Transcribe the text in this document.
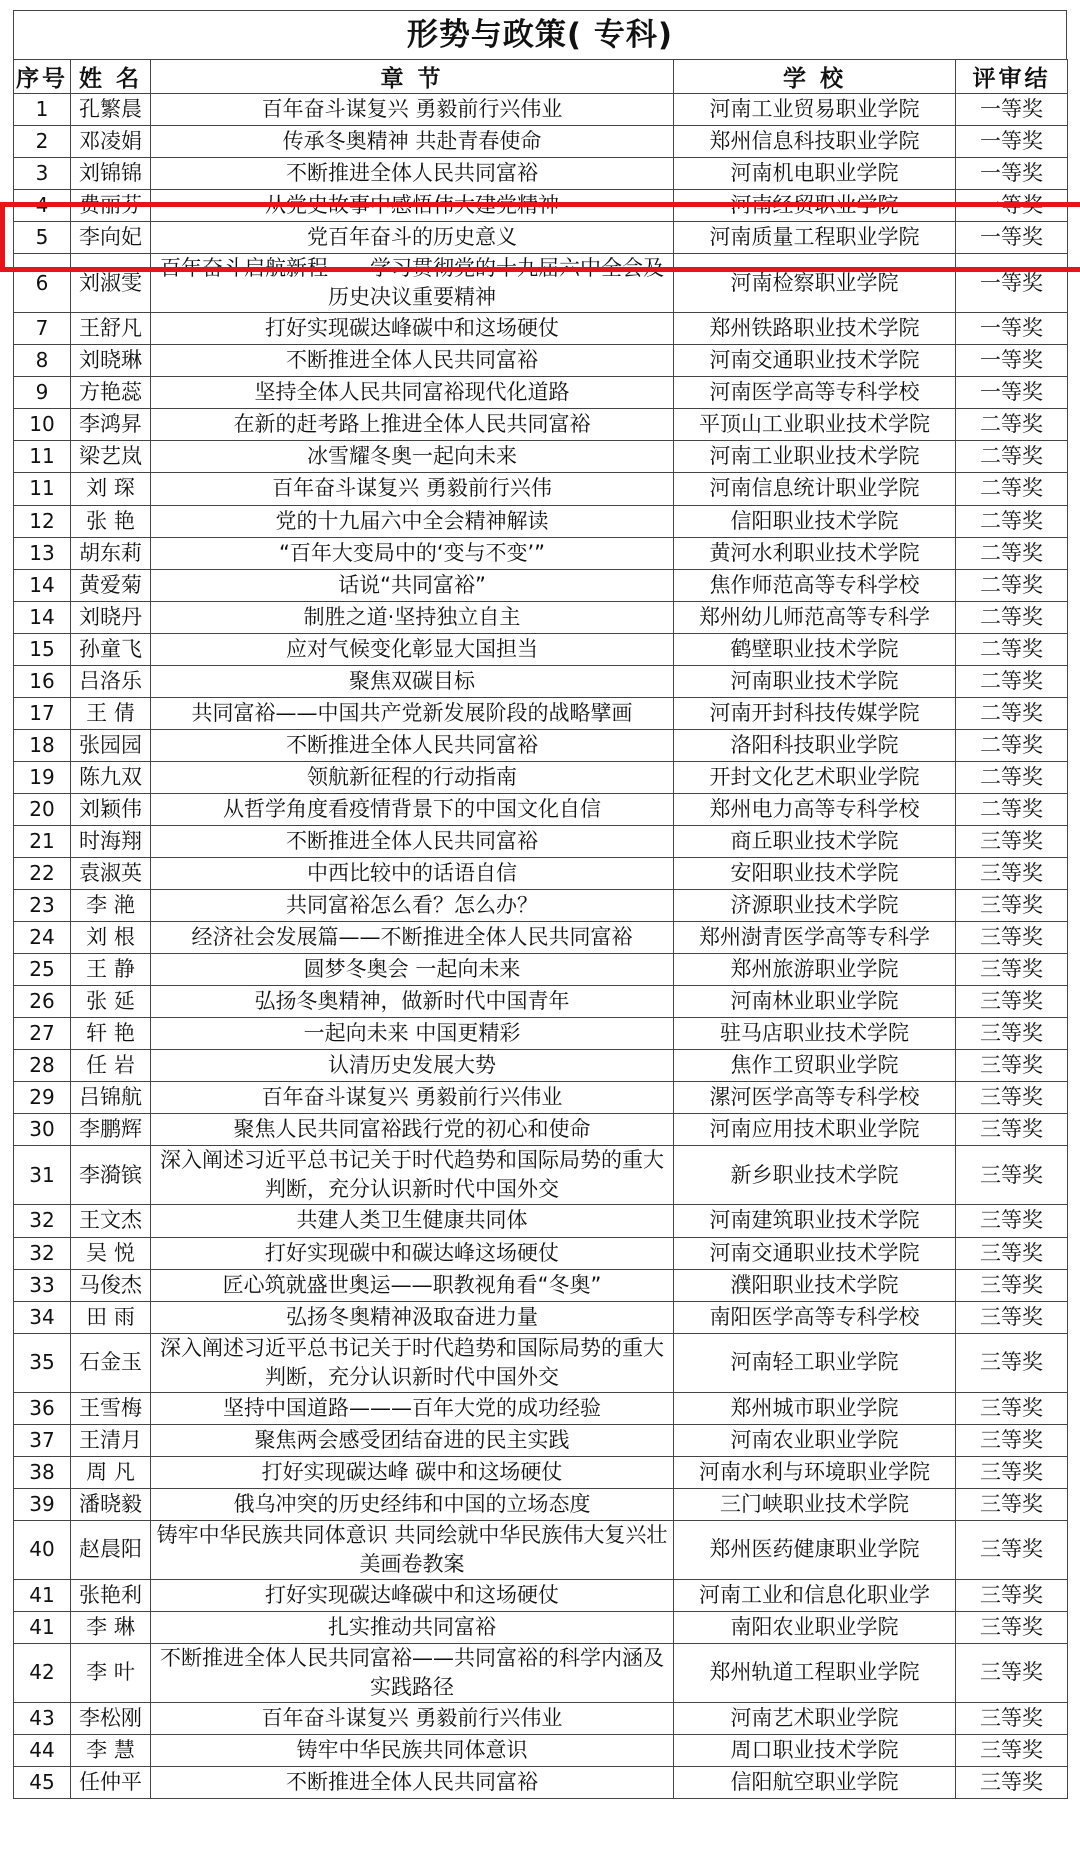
形势与政策( 专科)
序号	姓 名	章 节	学 校	评审结
1	孔繁晨	百年奋斗谋复兴 勇毅前行兴伟业	河南工业贸易职业学院	一等奖
2	邓凌娟	传承冬奥精神 共赴青春使命	郑州信息科技职业学院	一等奖
3	刘锦锦	不断推进全体人民共同富裕	河南机电职业学院	一等奖
4	费丽芬	从党史故事中感悟伟大建党精神	河南经贸职业学院	一等奖
5	李向妃	党百年奋斗的历史意义	河南质量工程职业学院	一等奖
6	刘淑雯	百年奋斗启航新程——学习贯彻党的十九届六中全会及历史决议重要精神	河南检察职业学院	一等奖
7	王舒凡	打好实现碳达峰碳中和这场硬仗	郑州铁路职业技术学院	一等奖
8	刘晓琳	不断推进全体人民共同富裕	河南交通职业技术学院	一等奖
9	方艳蕊	坚持全体人民共同富裕现代化道路	河南医学高等专科学校	一等奖
10	李鸿昇	在新的赶考路上推进全体人民共同富裕	平顶山工业职业技术学院	二等奖
11	梁艺岚	冰雪耀冬奥一起向未来	河南工业职业技术学院	二等奖
11	刘 琛	百年奋斗谋复兴 勇毅前行兴伟	河南信息统计职业学院	二等奖
12	张 艳	党的十九届六中全会精神解读	信阳职业技术学院	二等奖
13	胡东莉	“百年大变局中的‘变与不变’”	黄河水利职业技术学院	二等奖
14	黄爱菊	话说“共同富裕”	焦作师范高等专科学校	二等奖
14	刘晓丹	制胜之道·坚持独立自主	郑州幼儿师范高等专科学	二等奖
15	孙童飞	应对气候变化彰显大国担当	鹤壁职业技术学院	二等奖
16	吕洛乐	聚焦双碳目标	河南职业技术学院	二等奖
17	王 倩	共同富裕——中国共产党新发展阶段的战略擘画	河南开封科技传媒学院	二等奖
18	张园园	不断推进全体人民共同富裕	洛阳科技职业学院	二等奖
19	陈九双	领航新征程的行动指南	开封文化艺术职业学院	二等奖
20	刘颖伟	从哲学角度看疫情背景下的中国文化自信	郑州电力高等专科学校	二等奖
21	时海翔	不断推进全体人民共同富裕	商丘职业技术学院	三等奖
22	袁淑英	中西比较中的话语自信	安阳职业技术学院	三等奖
23	李 滟	共同富裕怎么看？怎么办？	济源职业技术学院	三等奖
24	刘 根	经济社会发展篇——不断推进全体人民共同富裕	郑州澍青医学高等专科学	三等奖
25	王 静	圆梦冬奥会 一起向未来	郑州旅游职业学院	三等奖
26	张 延	弘扬冬奥精神，做新时代中国青年	河南林业职业学院	三等奖
27	轩 艳	一起向未来 中国更精彩	驻马店职业技术学院	三等奖
28	任 岩	认清历史发展大势	焦作工贸职业学院	三等奖
29	吕锦航	百年奋斗谋复兴 勇毅前行兴伟业	漯河医学高等专科学校	三等奖
30	李鹏辉	聚焦人民共同富裕践行党的初心和使命	河南应用技术职业学院	三等奖
31	李漪镔	深入阐述习近平总书记关于时代趋势和国际局势的重大判断，充分认识新时代中国外交	新乡职业技术学院	三等奖
32	王文杰	共建人类卫生健康共同体	河南建筑职业技术学院	三等奖
32	吴 悦	打好实现碳中和碳达峰这场硬仗	河南交通职业技术学院	三等奖
33	马俊杰	匠心筑就盛世奥运——职教视角看“冬奥”	濮阳职业技术学院	三等奖
34	田 雨	弘扬冬奥精神汲取奋进力量	南阳医学高等专科学校	三等奖
35	石金玉	深入阐述习近平总书记关于时代趋势和国际局势的重大判断，充分认识新时代中国外交	河南轻工职业学院	三等奖
36	王雪梅	坚持中国道路———百年大党的成功经验	郑州城市职业学院	三等奖
37	王清月	聚焦两会感受团结奋进的民主实践	河南农业职业学院	三等奖
38	周 凡	打好实现碳达峰 碳中和这场硬仗	河南水利与环境职业学院	三等奖
39	潘晓毅	俄乌冲突的历史经纬和中国的立场态度	三门峡职业技术学院	三等奖
40	赵晨阳	铸牢中华民族共同体意识 共同绘就中华民族伟大复兴壮美画卷教案	郑州医药健康职业学院	三等奖
41	张艳利	打好实现碳达峰碳中和这场硬仗	河南工业和信息化职业学	三等奖
41	李 琳	扎实推动共同富裕	南阳农业职业学院	三等奖
42	李 叶	不断推进全体人民共同富裕——共同富裕的科学内涵及实践路径	郑州轨道工程职业学院	三等奖
43	李松刚	百年奋斗谋复兴 勇毅前行兴伟业	河南艺术职业学院	三等奖
44	李 慧	铸牢中华民族共同体意识	周口职业技术学院	三等奖
45	任仲平	不断推进全体人民共同富裕	信阳航空职业学院	三等奖
